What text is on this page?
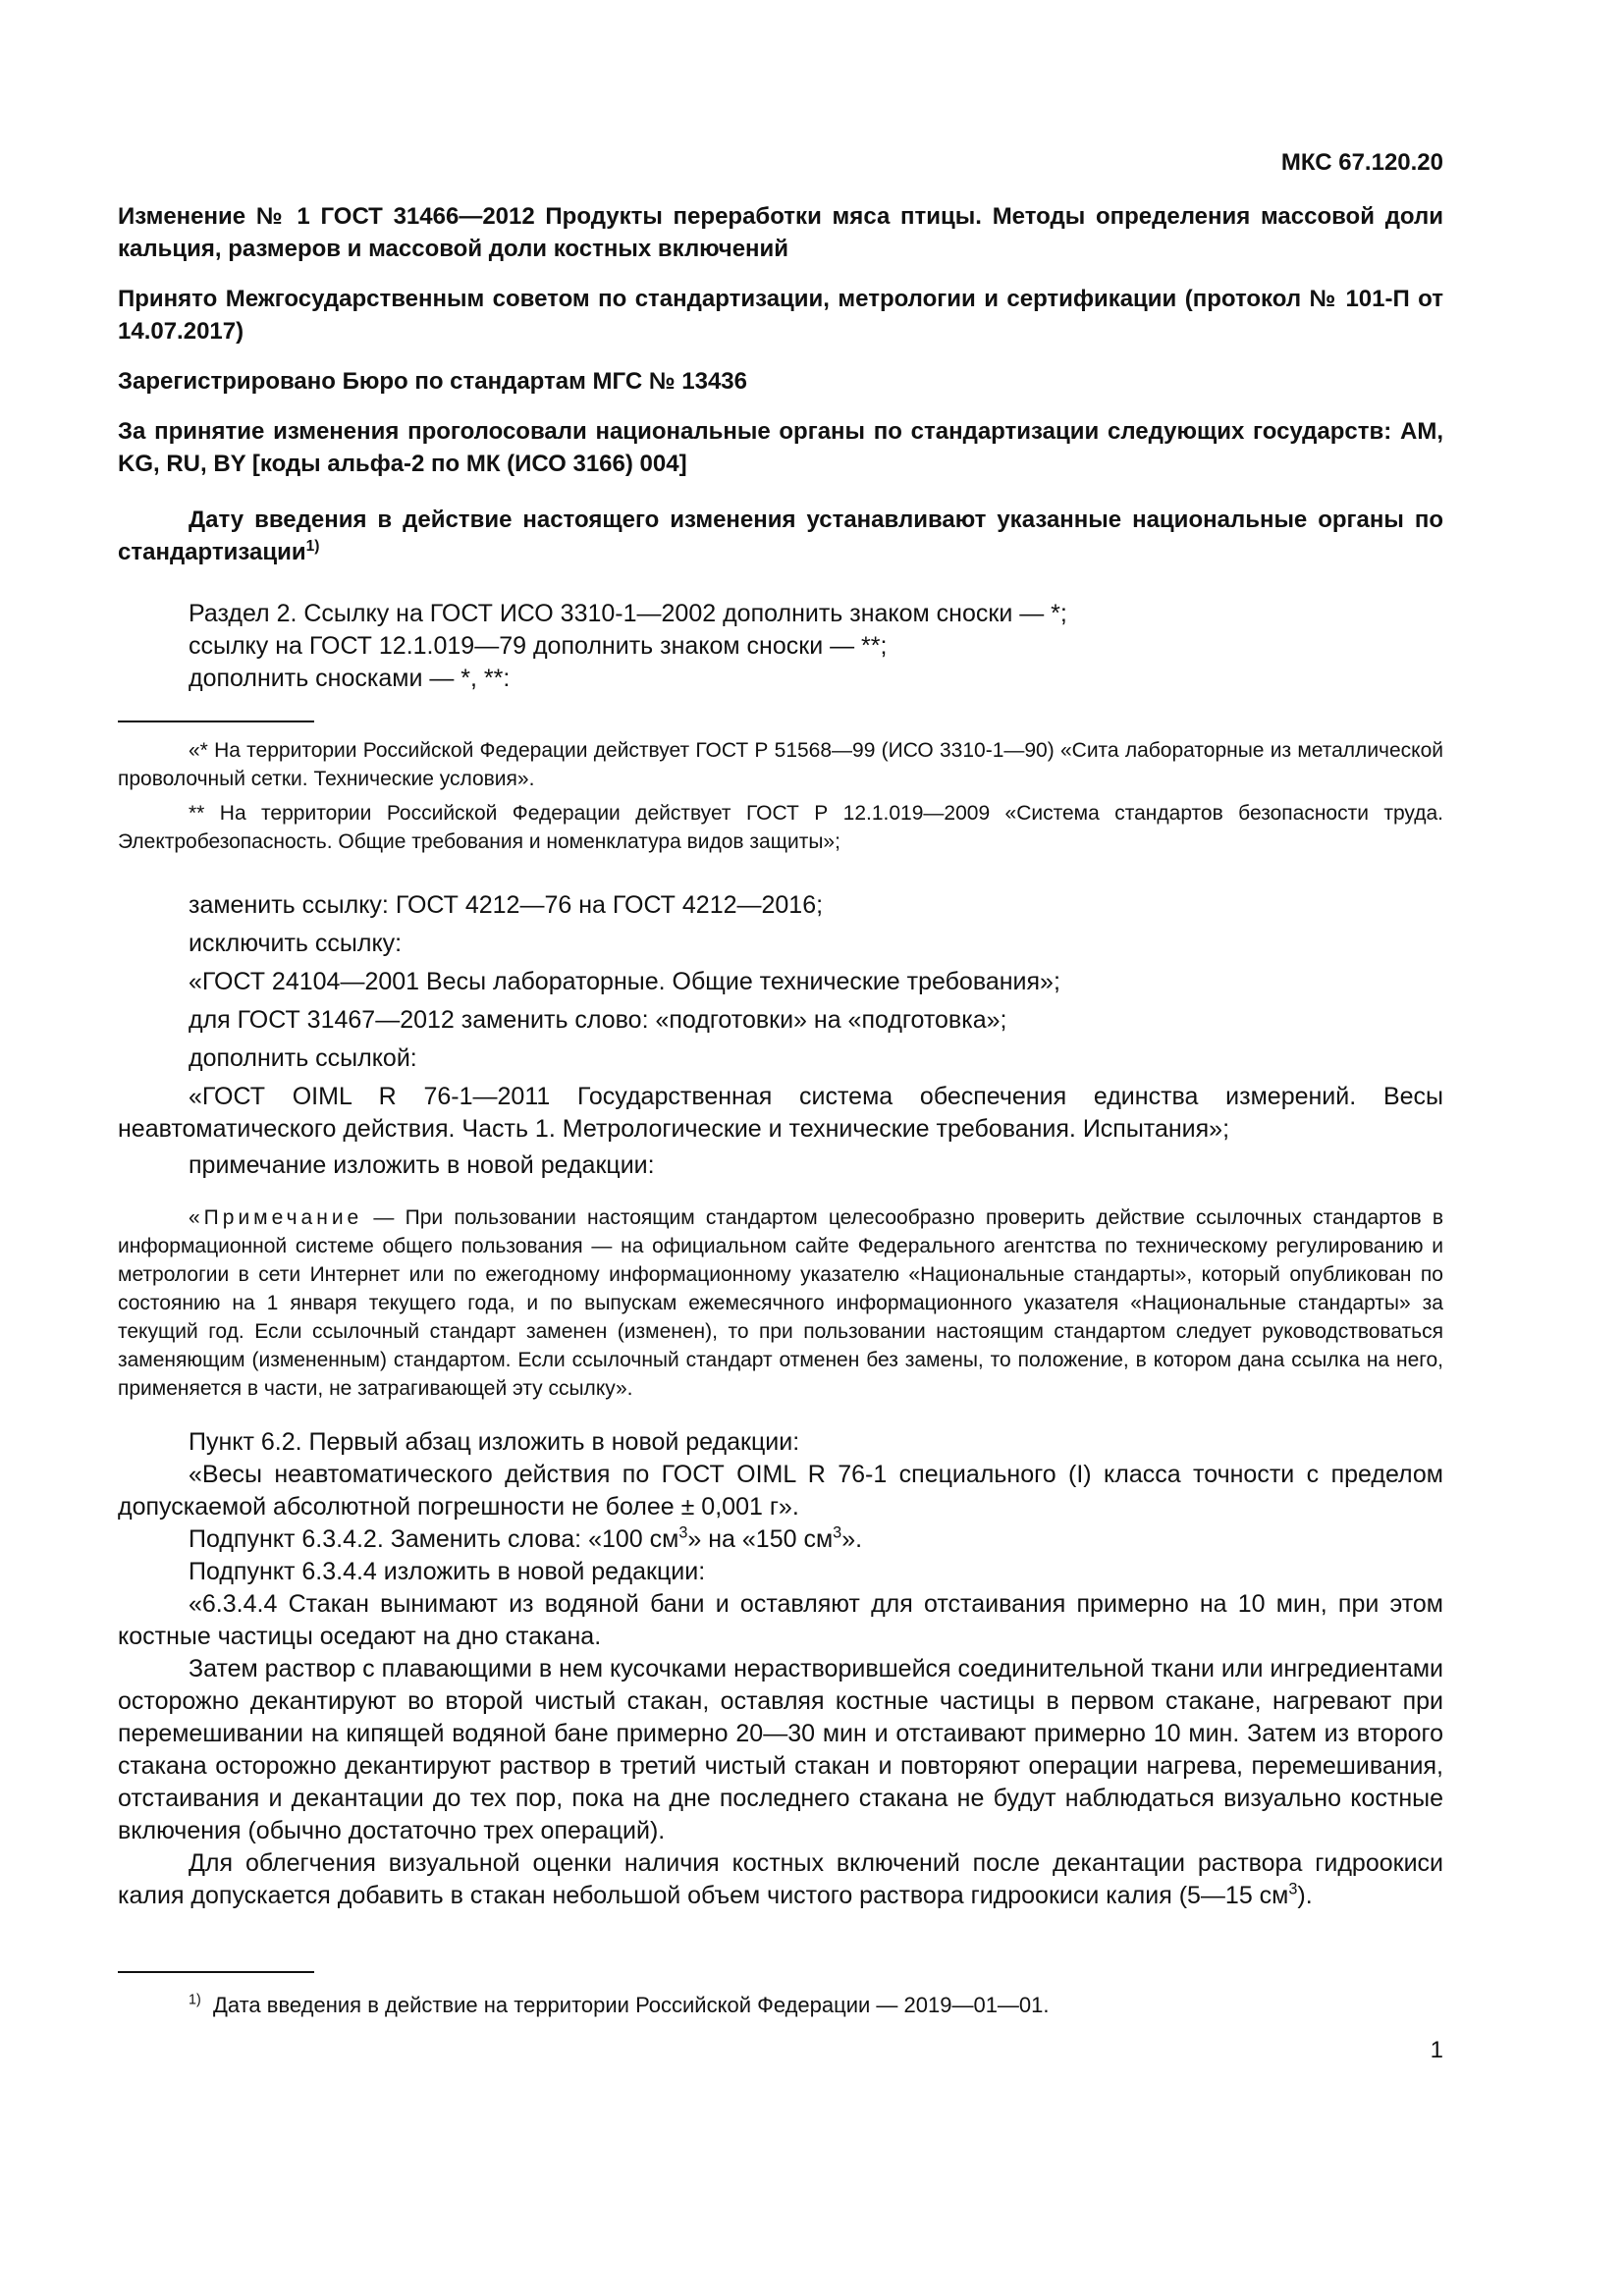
МКС 67.120.20
Изменение № 1 ГОСТ 31466—2012 Продукты переработки мяса птицы. Методы определения массовой доли кальция, размеров и массовой доли костных включений
Принято Межгосударственным советом по стандартизации, метрологии и сертификации (протокол № 101-П от 14.07.2017)
Зарегистрировано Бюро по стандартам МГС № 13436
За принятие изменения проголосовали национальные органы по стандартизации следующих государств: AM, KG, RU, BY [коды альфа-2 по МК (ИСО 3166) 004]
Дату введения в действие настоящего изменения устанавливают указанные национальные органы по стандартизации$^{1)}$

Раздел 2. Ссылку на ГОСТ ИСО 3310-1—2002 дополнить знаком сноски — *;

ссылку на ГОСТ 12.1.019—79 дополнить знаком сноски — **;

дополнить сносками — *, **:

«* На территории Российской Федерации действует ГОСТ Р 51568—99 (ИСО 3310-1—90) «Сита лабораторные из металлической проволочный сетки. Технические условия».

** На территории Российской Федерации действует ГОСТ Р 12.1.019—2009 «Система стандартов безопасности труда. Электробезопасность. Общие требования и номенклатура видов защиты»;

заменить ссылку: ГОСТ 4212—76 на ГОСТ 4212—2016;

исключить ссылку:

«ГОСТ 24104—2001 Весы лабораторные. Общие технические требования»;

для ГОСТ 31467—2012 заменить слово: «подготовки» на «подготовка»;

дополнить ссылкой:

«ГОСТ OIML R 76-1—2011 Государственная система обеспечения единства измерений. Весы неавтоматического действия. Часть 1. Метрологические и технические требования. Испытания»;

примечание изложить в новой редакции:

«Примечание — При пользовании настоящим стандартом целесообразно проверить действие ссылочных стандартов в информационной системе общего пользования — на официальном сайте Федерального агентства по техническому регулированию и метрологии в сети Интернет или по ежегодному информационному указателю «Национальные стандарты», который опубликован по состоянию на 1 января текущего года, и по выпускам ежемесячного информационного указателя «Национальные стандарты» за текущий год. Если ссылочный стандарт заменен (изменен), то при пользовании настоящим стандартом следует руководствоваться заменяющим (измененным) стандартом. Если ссылочный стандарт отменен без замены, то положение, в котором дана ссылка на него, применяется в части, не затрагивающей эту ссылку».

Пункт 6.2. Первый абзац изложить в новой редакции:

«Весы неавтоматического действия по ГОСТ OIML R 76-1 специального (I) класса точности с пределом допускаемой абсолютной погрешности не более ± 0,001 г».

Подпункт 6.3.4.2. Заменить слова: «100 $см^3$» на «150 $см^3$».

Подпункт 6.3.4.4 изложить в новой редакции:

«6.3.4.4 Стакан вынимают из водяной бани и оставляют для отстаивания примерно на 10 мин, при этом костные частицы оседают на дно стакана.

Затем раствор с плавающими в нем кусочками нерастворившейся соединительной ткани или ингредиентами осторожно декантируют во второй чистый стакан, оставляя костные частицы в первом стакане, нагревают при перемешивании на кипящей водяной бане примерно 20—30 мин и отстаивают примерно 10 мин. Затем из второго стакана осторожно декантируют раствор в третий чистый стакан и повторяют операции нагрева, перемешивания, отстаивания и декантации до тех пор, пока на дне последнего стакана не будут наблюдаться визуально костные включения (обычно достаточно трех операций).

Для облегчения визуальной оценки наличия костных включений после декантации раствора гидроокиси калия допускается добавить в стакан небольшой объем чистого раствора гидроокиси калия (5—15 $см^3$).

$^{1)}$ Дата введения в действие на территории Российской Федерации — 2019—01—01.

1
